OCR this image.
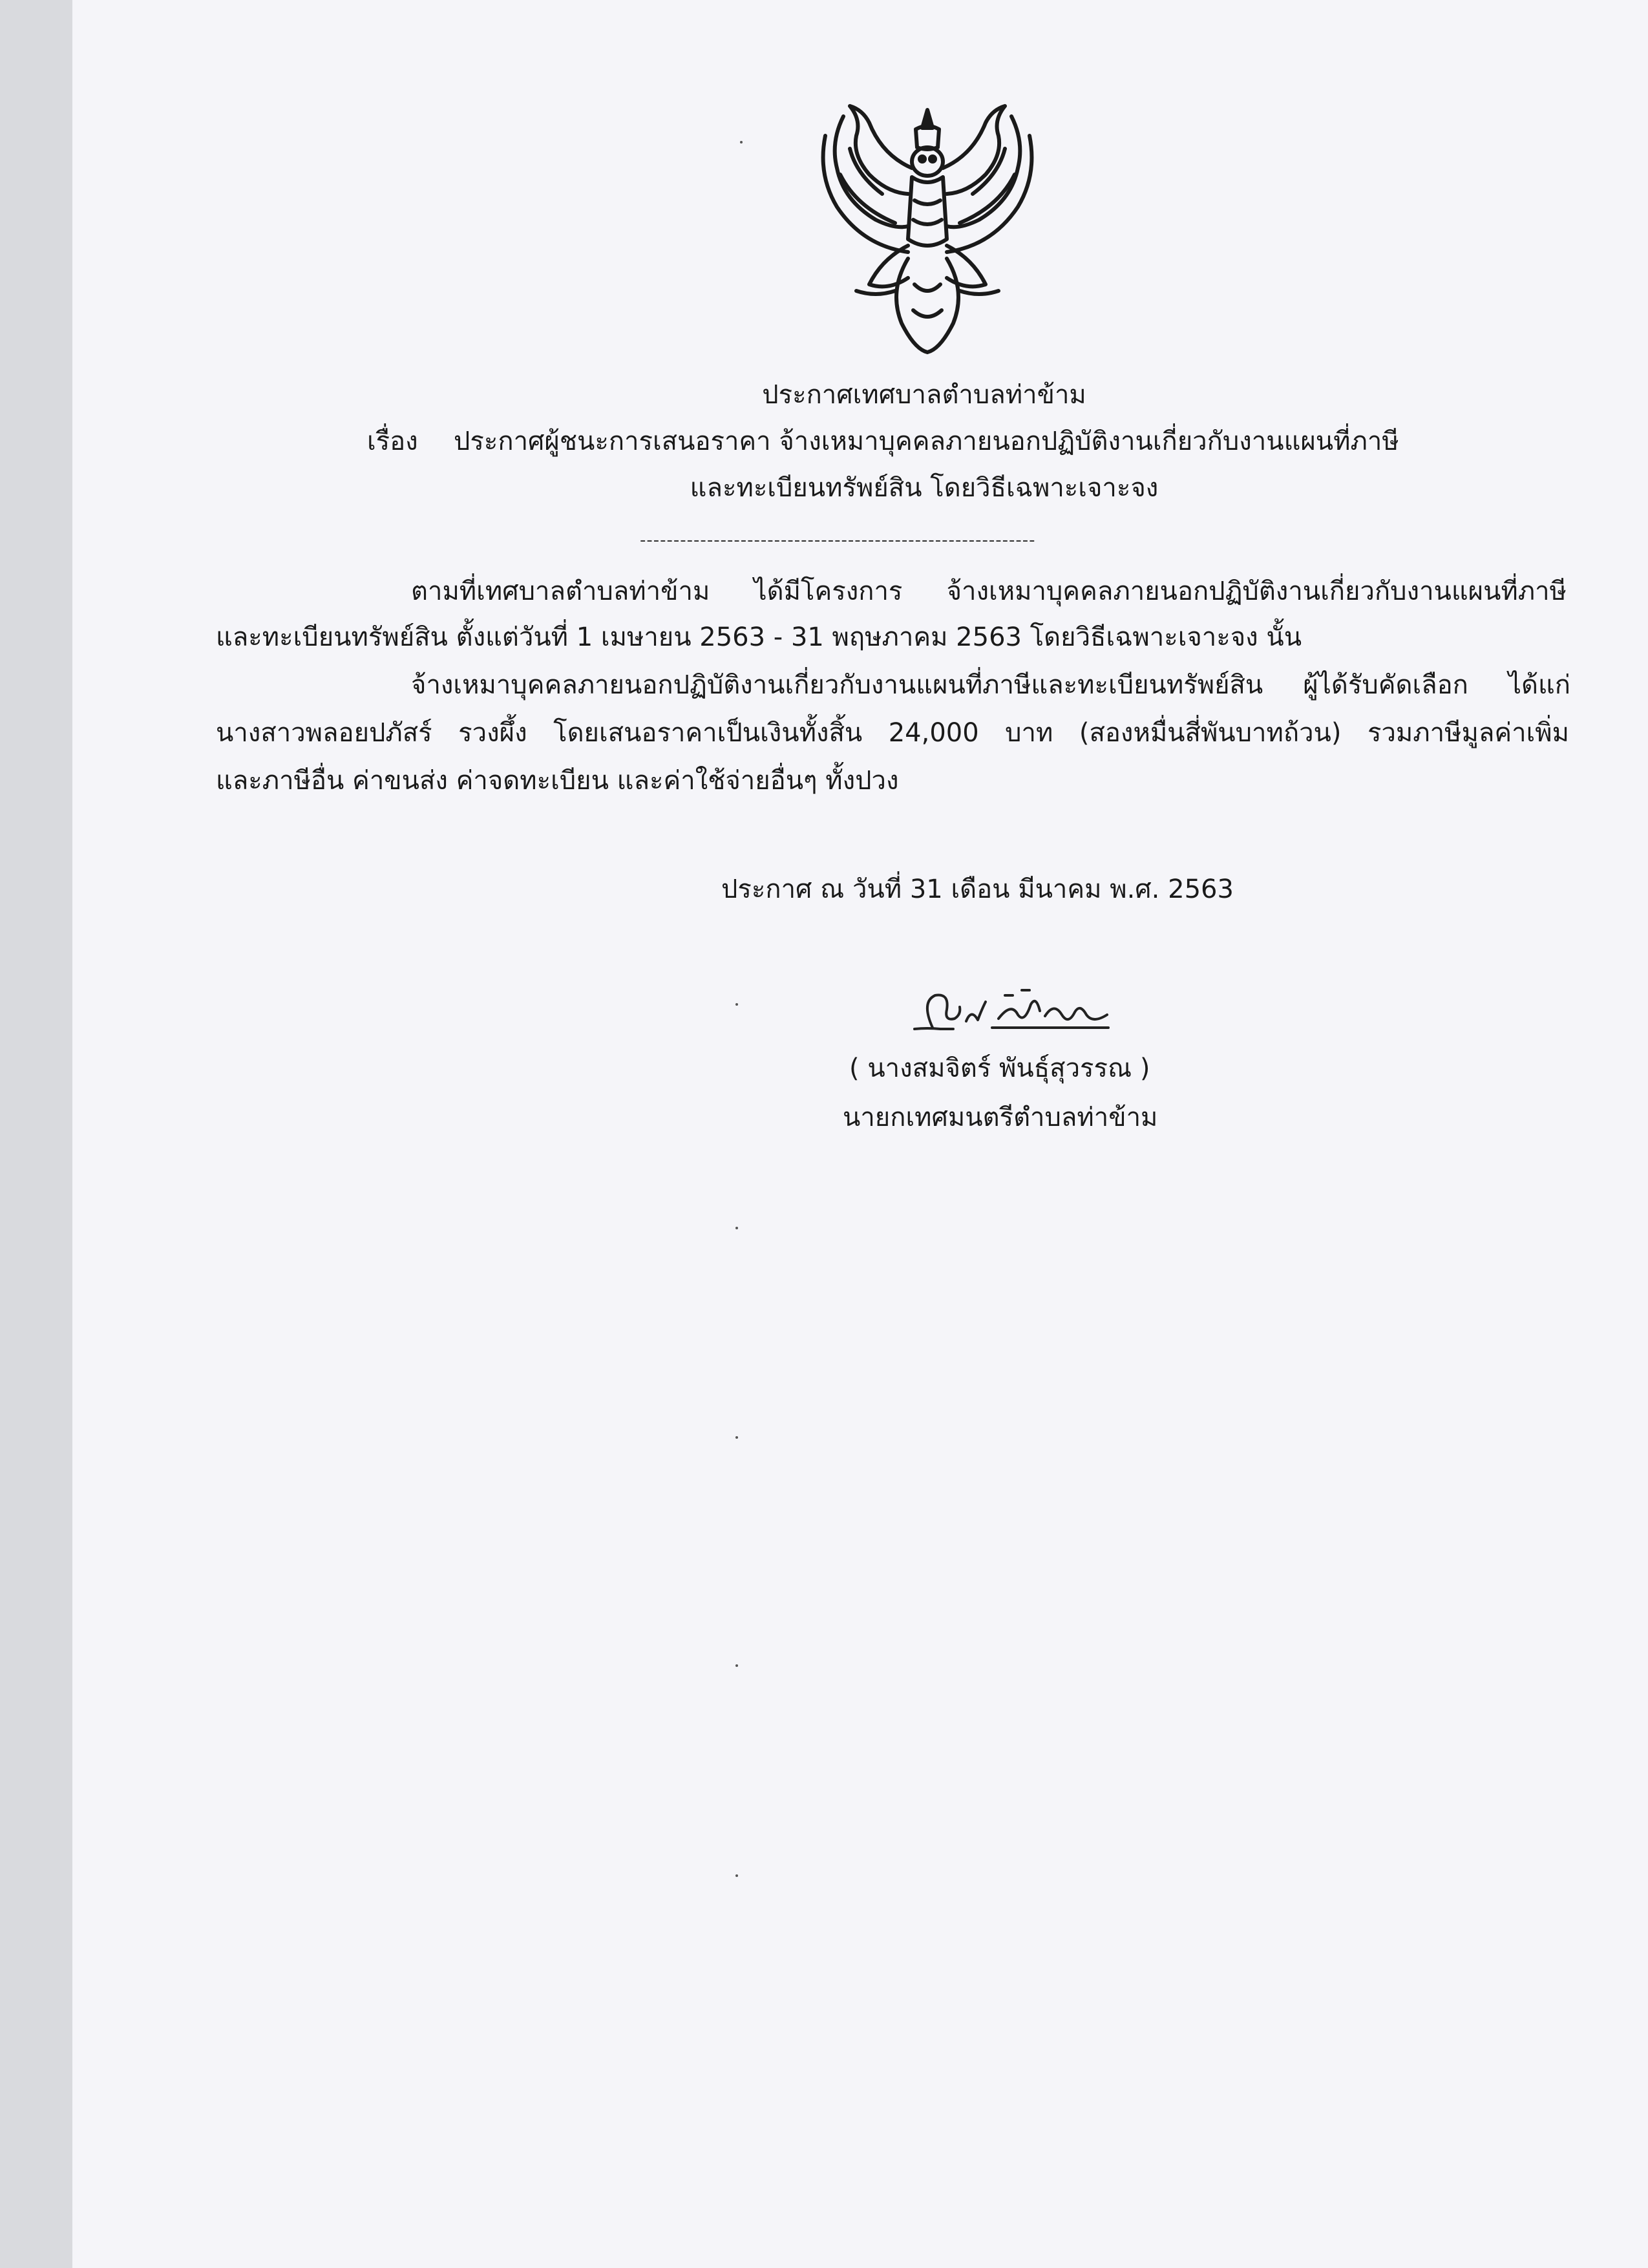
ประกาศเทศบาลตำบลท่าข้าม
เรื่อง ประกาศผู้ชนะการเสนอราคา จ้างเหมาบุคคลภายนอกปฏิบัติงานเกี่ยวกับงานแผนที่ภาษี
และทะเบียนทรัพย์สิน โดยวิธีเฉพาะเจาะจง
-----------------------------------------------------------
ตามที่เทศบาลตำบลท่าข้าม ได้มีโครงการ จ้างเหมาบุคคลภายนอกปฏิบัติงานเกี่ยวกับงานแผนที่ภาษี
และทะเบียนทรัพย์สิน ตั้งแต่วันที่ 1 เมษายน 2563 - 31 พฤษภาคม 2563 โดยวิธีเฉพาะเจาะจง นั้น
จ้างเหมาบุคคลภายนอกปฏิบัติงานเกี่ยวกับงานแผนที่ภาษีและทะเบียนทรัพย์สิน ผู้ได้รับคัดเลือก ได้แก่
นางสาวพลอยปภัสร์ รวงผึ้ง โดยเสนอราคาเป็นเงินทั้งสิ้น 24,000 บาท (สองหมื่นสี่พันบาทถ้วน) รวมภาษีมูลค่าเพิ่ม
และภาษีอื่น ค่าขนส่ง ค่าจดทะเบียน และค่าใช้จ่ายอื่นๆ ทั้งปวง
ประกาศ ณ วันที่ 31 เดือน มีนาคม พ.ศ. 2563
( นางสมจิตร์ พันธุ์สุวรรณ )
นายกเทศมนตรีตำบลท่าข้าม
